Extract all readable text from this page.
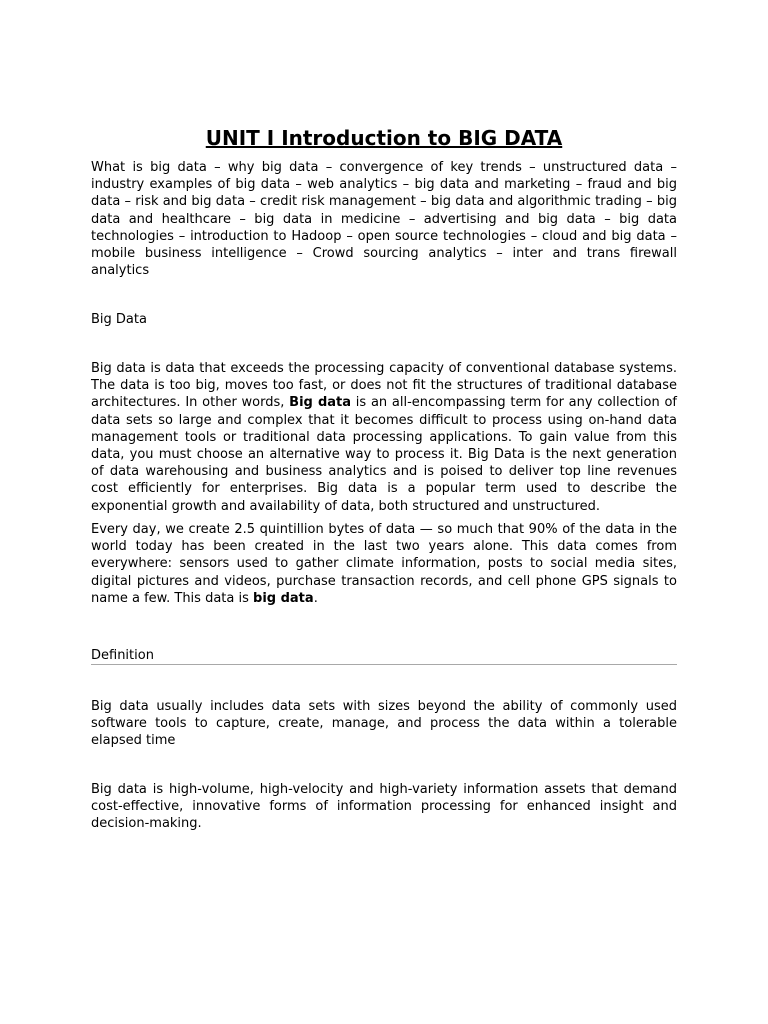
UNIT I Introduction to BIG DATA

What is big data – why big data – convergence of key trends – unstructured data – industry examples of big data – web analytics – big data and marketing – fraud and big data – risk and big data – credit risk management – big data and algorithmic trading – big data and healthcare – big data in medicine – advertising and big data – big data technologies – introduction to Hadoop – open source technologies – cloud and big data – mobile business intelligence – Crowd sourcing analytics – inter and trans firewall analytics

Big Data

Big data is data that exceeds the processing capacity of conventional database systems. The data is too big, moves too fast, or does not fit the structures of traditional database architectures. In other words, Big data is an all-encompassing term for any collection of data sets so large and complex that it becomes difficult to process using on-hand data management tools or traditional data processing applications. To gain value from this data, you must choose an alternative way to process it. Big Data is the next generation of data warehousing and business analytics and is poised to deliver top line revenues cost efficiently for enterprises. Big data is a popular term used to describe the exponential growth and availability of data, both structured and unstructured.

Every day, we create 2.5 quintillion bytes of data — so much that 90% of the data in the world today has been created in the last two years alone. This data comes from everywhere: sensors used to gather climate information, posts to social media sites, digital pictures and videos, purchase transaction records, and cell phone GPS signals to name a few. This data is big data.

Definition

Big data usually includes data sets with sizes beyond the ability of commonly used software tools to capture, create, manage, and process the data within a tolerable elapsed time

Big data is high-volume, high-velocity and high-variety information assets that demand cost-effective, innovative forms of information processing for enhanced insight and decision-making.
